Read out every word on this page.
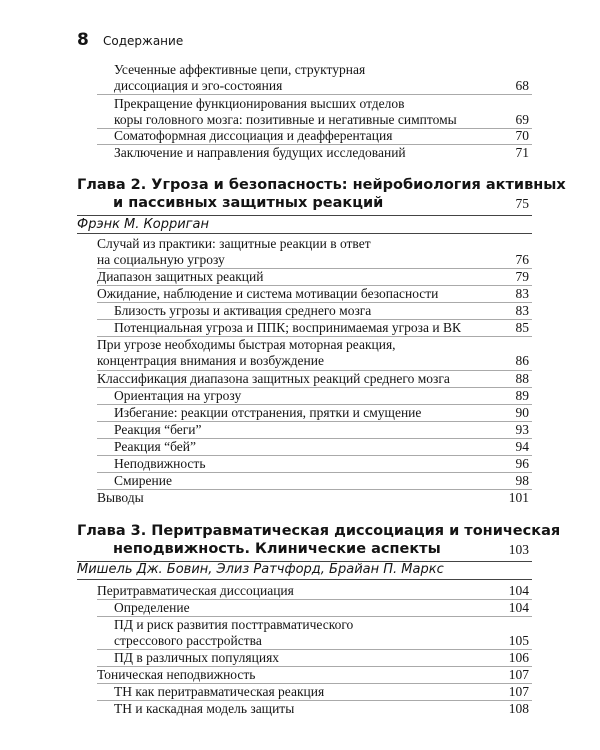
8	Содержание
Усеченные аффективные цепи, структурная
диссоциация и эго-состояния	68
Прекращение функционирования высших отделов
коры головного мозга: позитивные и негативные симптомы	69
Соматоформная диссоциация и деафферентация	70
Заключение и направления будущих исследований	71
Глава 2. Угроза и безопасность: нейробиология активных
и пассивных защитных реакций	75
Фрэнк М. Корриган
Случай из практики: защитные реакции в ответ
на социальную угрозу	76
Диапазон защитных реакций	79
Ожидание, наблюдение и система мотивации безопасности	83
Близость угрозы и активация среднего мозга	83
Потенциальная угроза и ППК; воспринимаемая угроза и ВК	85
При угрозе необходимы быстрая моторная реакция,
концентрация внимания и возбуждение	86
Классификация диапазона защитных реакций среднего мозга	88
Ориентация на угрозу	89
Избегание: реакции отстранения, прятки и смущение	90
Реакция “беги”	93
Реакция “бей”	94
Неподвижность	96
Смирение	98
Выводы	101
Глава 3. Перитравматическая диссоциация и тоническая
неподвижность. Клинические аспекты	103
Мишель Дж. Бовин, Элиз Ратчфорд, Брайан П. Маркс
Перитравматическая диссоциация	104
Определение	104
ПД и риск развития посттравматического
стрессового расстройства	105
ПД в различных популяциях	106
Тоническая неподвижность	107
ТН как перитравматическая реакция	107
ТН и каскадная модель защиты	108
